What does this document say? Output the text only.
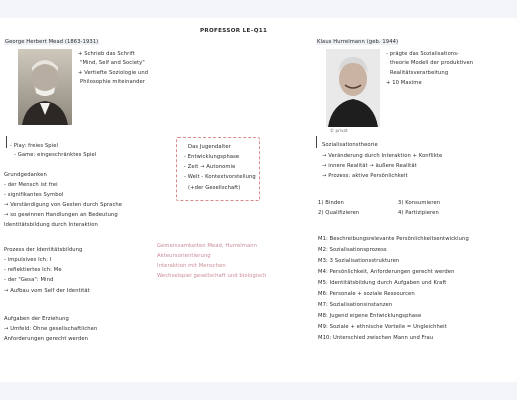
PROFESSOR LE–Q11
George Herbert Mead (1863-1931)
+ Schrieb das Schrift
"Mind, Self and Society"
+ Vertiefte Soziologie und
Philosophie miteinander
- Play: freies Spiel
- Game: eingeschränktes Spiel
Grundgedanken
- der Mensch ist frei
- signifikantes Symbol
→ Verständigung von Gesten durch Sprache
→ so gewinnen Handlungen an Bedeutung
Identitätsbildung durch Interaktion
Prozess der Identitätsbildung
- impulsives Ich: I
- reflektiertes Ich: Me
- der "Gesa": Mind
→ Aufbau vom Self der Identität
Aufgaben der Erziehung
→ Umfeld: Ohne gesellschaftlichen
Anforderungen gerecht werden
Das Jugendalter
- Entwicklungsphase
- Zeit → Autonomie
- Welt - Kontextvorstellung
(+der Gesellschaft)
Gemeinsamkeiten Mead, Hurrelmann
Akteursorientierung
Interaktion mit Menschen
Wechselspiel gesellschaft und biologisch
Klaus Hurrelmann (geb. 1944)
© privat
- prägte das Sozialisations-
theorie Modell der produktiven
Realitätsverarbeitung
+ 10 Maxime
Sozialisationstheorie
→ Veränderung durch Interaktion + Konflikte
→ innere Realität → äußere Realität
→ Prozess: aktive Persönlichkeit
1) Binden
2) Qualifizieren
3) Konsumieren
4) Partizipieren
M1: Beschreibungsrelevante Persönlichkeitsentwicklung
M2: Sozialisationsprozess
M3: 3 Sozialisationsstrukturen
M4: Persönlichkeit, Anforderungen gerecht werden
M5: Identitätsbildung durch Aufgaben und Kraft
M6: Personale + soziale Ressourcen
M7: Sozialisationsinstanzen
M8: Jugend eigene Entwicklungsphase
M9: Soziale + ethnische Vorteile = Ungleichheit
M10: Unterschied zwischen Mann und Frau
